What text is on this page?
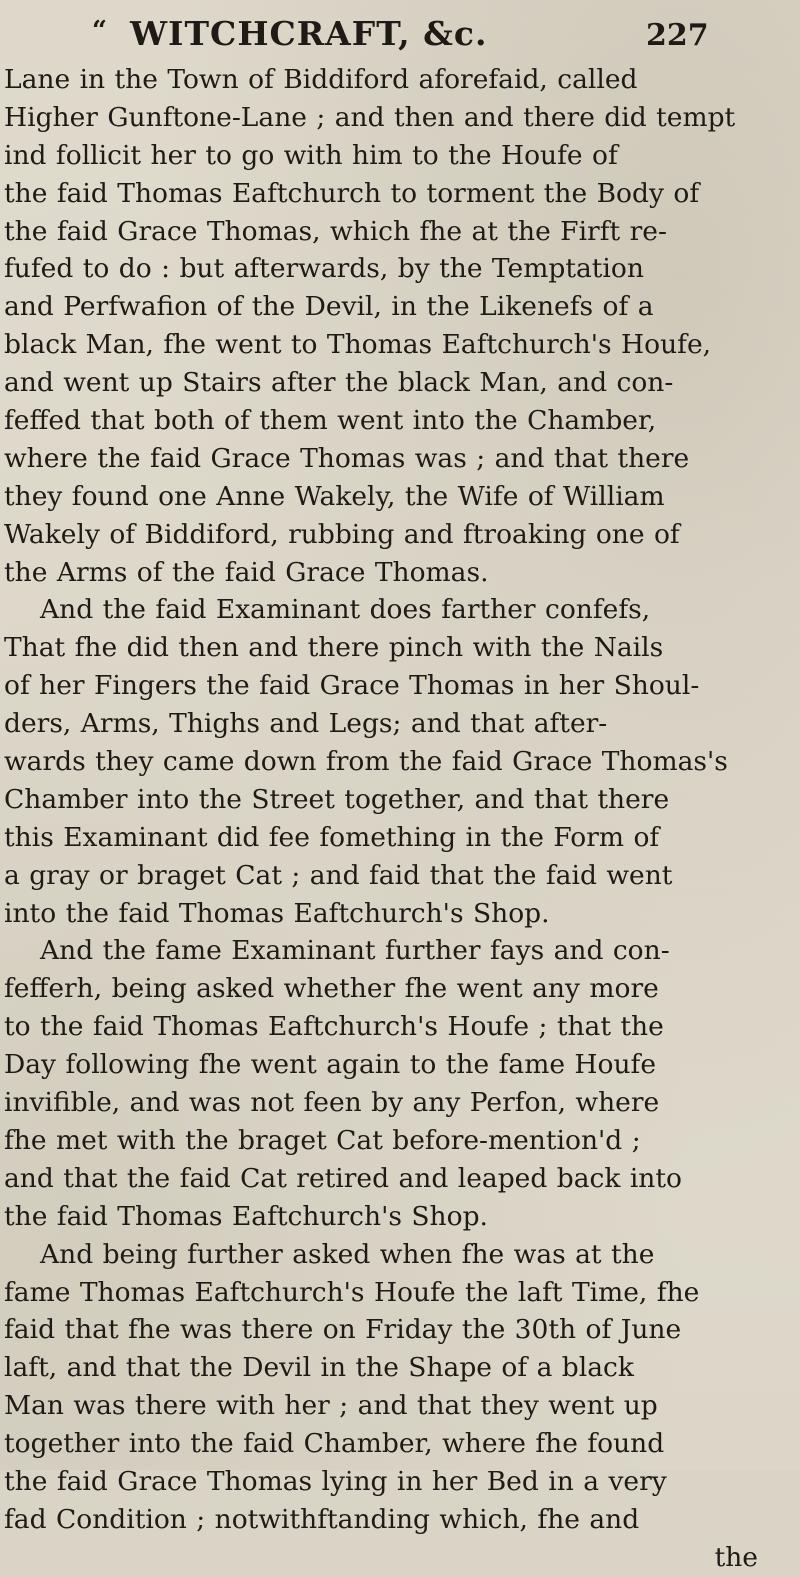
“ WITCHCRAFT, &c.	227
Lane in the Town of Biddiford aforefaid, called
Higher Gunftone-Lane ; and then and there did tempt
ind follicit her to go with him to the Houfe of
the faid Thomas Eaftchurch to torment the Body of
the faid Grace Thomas, which fhe at the Firft re-
fufed to do : but afterwards, by the Temptation
and Perfwafion of the Devil, in the Likenefs of a
black Man, fhe went to Thomas Eaftchurch's Houfe,
and went up Stairs after the black Man, and con-
feffed that both of them went into the Chamber,
where the faid Grace Thomas was ; and that there
they found one Anne Wakely, the Wife of William
Wakely of Biddiford, rubbing and ftroaking one of
the Arms of the faid Grace Thomas.
And the faid Examinant does farther confefs,
That fhe did then and there pinch with the Nails
of her Fingers the faid Grace Thomas in her Shoul-
ders, Arms, Thighs and Legs; and that after-
wards they came down from the faid Grace Thomas's
Chamber into the Street together, and that there
this Examinant did fee fomething in the Form of
a gray or braget Cat ; and faid that the faid went
into the faid Thomas Eaftchurch's Shop.
And the fame Examinant further fays and con-
fefferh, being asked whether fhe went any more
to the faid Thomas Eaftchurch's Houfe ; that the
Day following fhe went again to the fame Houfe
invifible, and was not feen by any Perfon, where
fhe met with the braget Cat before-mention'd ;
and that the faid Cat retired and leaped back into
the faid Thomas Eaftchurch's Shop.
And being further asked when fhe was at the
fame Thomas Eaftchurch's Houfe the laft Time, fhe
faid that fhe was there on Friday the 30th of June
laft, and that the Devil in the Shape of a black
Man was there with her ; and that they went up
together into the faid Chamber, where fhe found
the faid Grace Thomas lying in her Bed in a very
fad Condition ; notwithftanding which, fhe and
the
